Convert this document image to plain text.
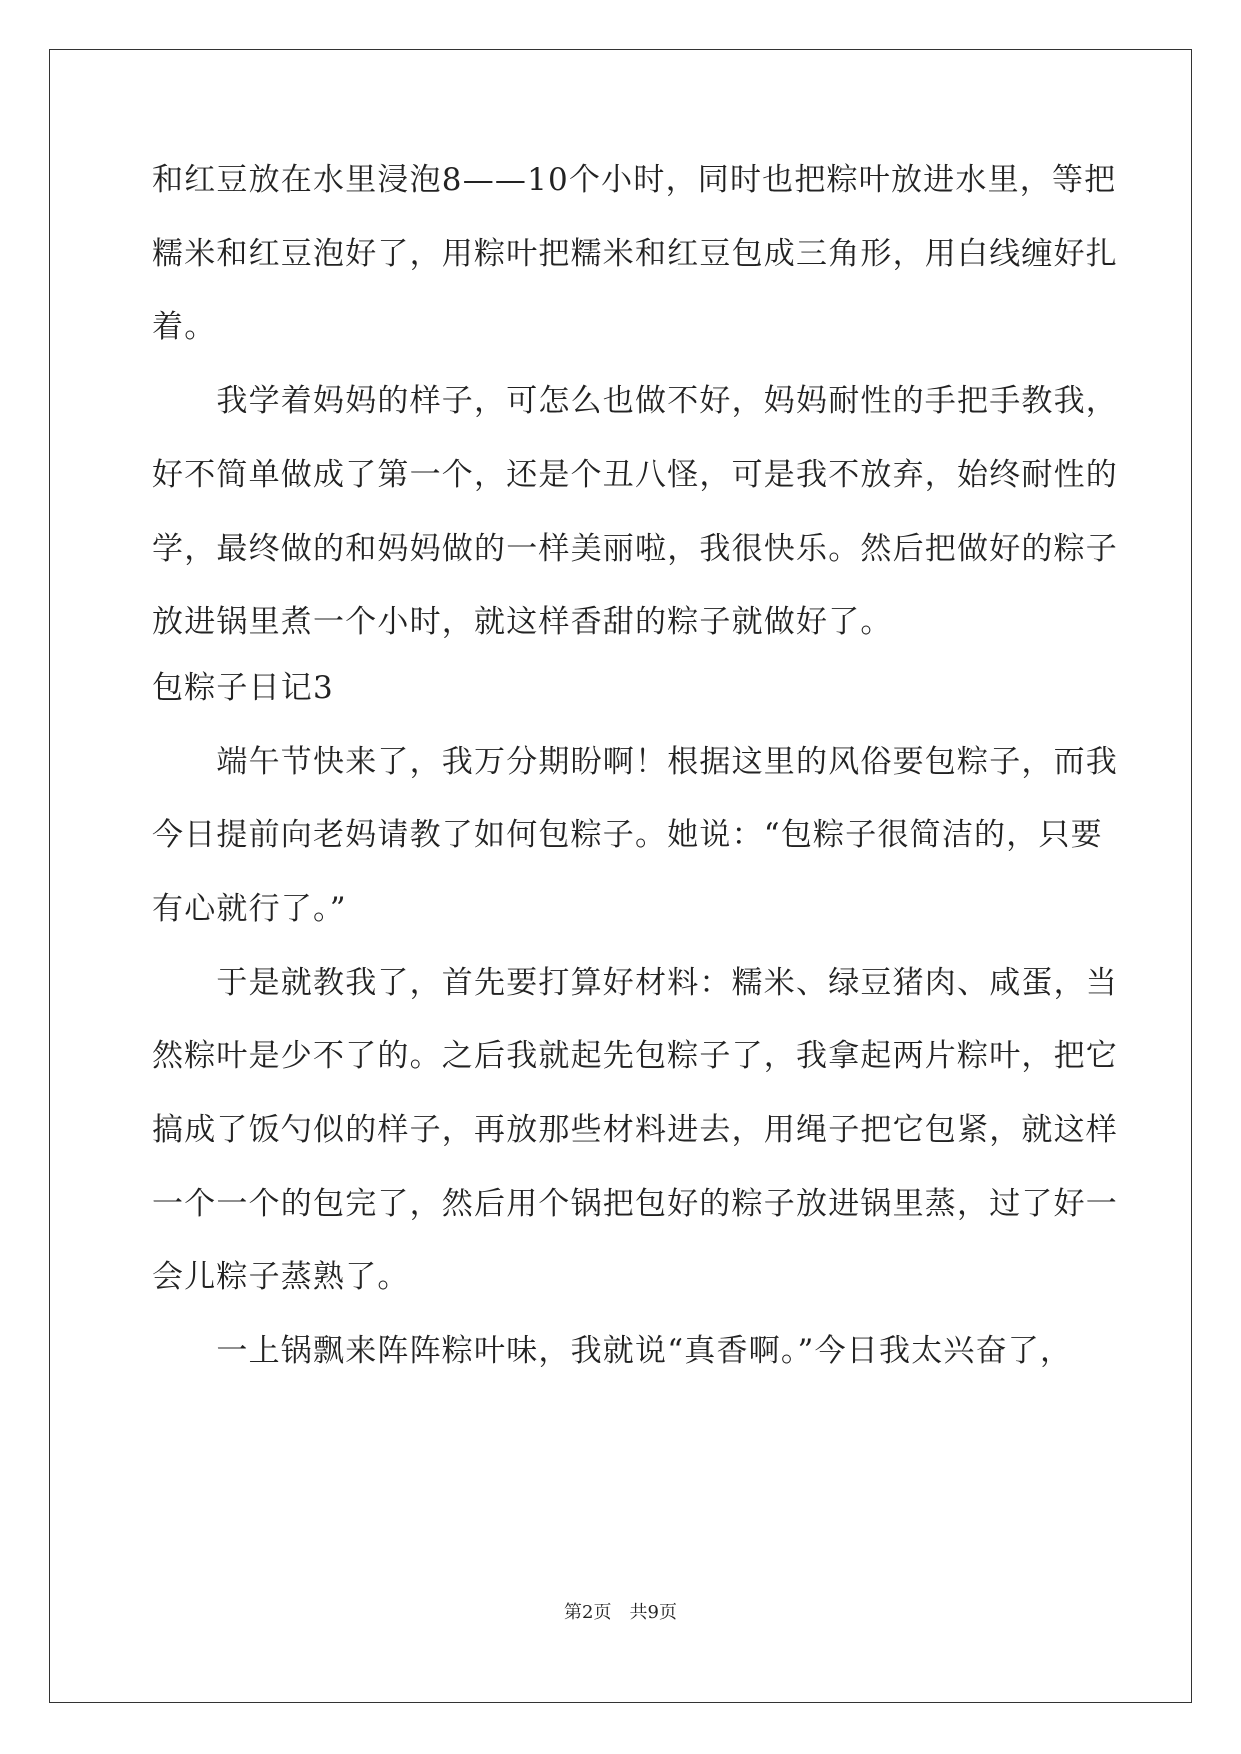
和红豆放在水里浸泡8——10个小时，同时也把粽叶放进水里，等把
糯米和红豆泡好了，用粽叶把糯米和红豆包成三角形，用白线缠好扎
着。
　　我学着妈妈的样子，可怎么也做不好，妈妈耐性的手把手教我，
好不简单做成了第一个，还是个丑八怪，可是我不放弃，始终耐性的
学，最终做的和妈妈做的一样美丽啦，我很快乐。然后把做好的粽子
放进锅里煮一个小时，就这样香甜的粽子就做好了。
包粽子日记3
　　端午节快来了，我万分期盼啊！根据这里的风俗要包粽子，而我
今日提前向老妈请教了如何包粽子。她说：“包粽子很简洁的，只要
有心就行了。”
　　于是就教我了，首先要打算好材料：糯米、绿豆猪肉、咸蛋，当
然粽叶是少不了的。之后我就起先包粽子了，我拿起两片粽叶，把它
搞成了饭勺似的样子，再放那些材料进去，用绳子把它包紧，就这样
一个一个的包完了，然后用个锅把包好的粽子放进锅里蒸，过了好一
会儿粽子蒸熟了。
　　一上锅飘来阵阵粽叶味，我就说“真香啊。”今日我太兴奋了，
第2页 共9页
